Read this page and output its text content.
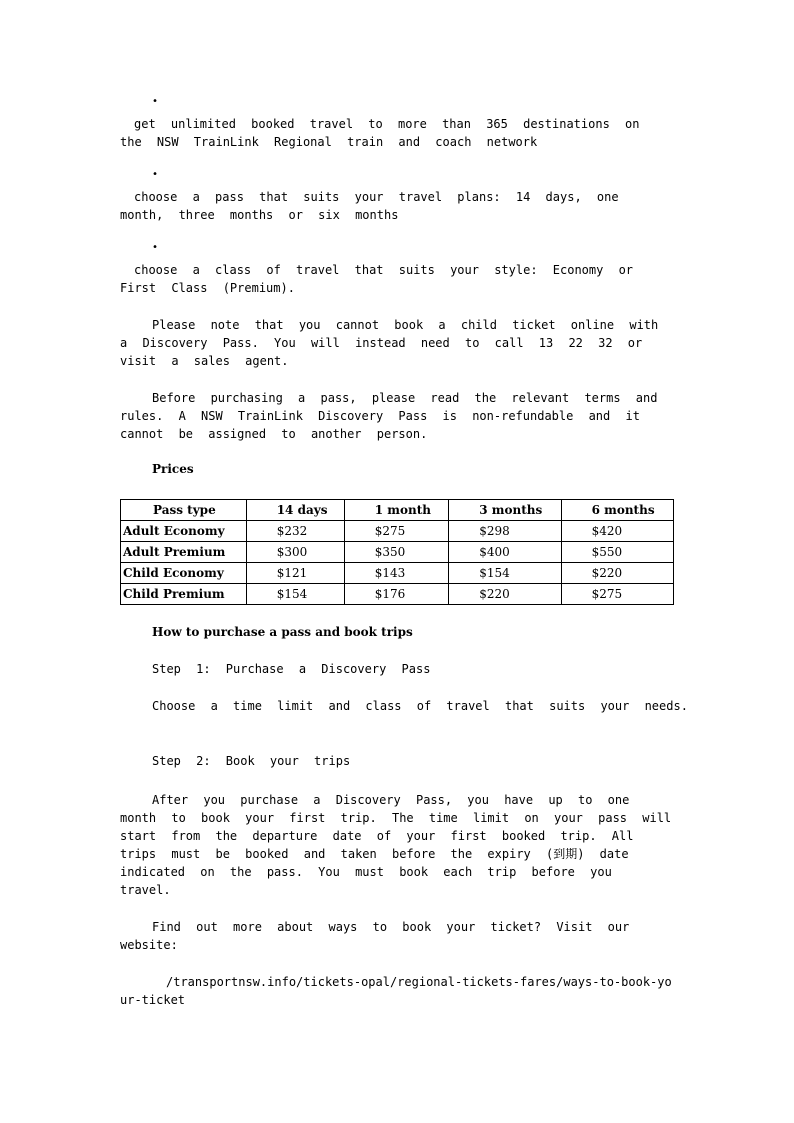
•
get unlimited booked travel to more than 365 destinations on the NSW TrainLink Regional train and coach network
•
choose a pass that suits your travel plans: 14 days, one month, three months or six months
•
choose a class of travel that suits your style: Economy or First Class (Premium).
Please note that you cannot book a child ticket online with a Discovery Pass. You will instead need to call 13 22 32 or visit a sales agent.
Before purchasing a pass, please read the relevant terms and rules. A NSW TrainLink Discovery Pass is non-refundable and it cannot be assigned to another person.
Prices
Pass type	14 days	1 month	3 months	6 months
Adult Economy	$232	$275	$298	$420
Adult Premium	$300	$350	$400	$550
Child Economy	$121	$143	$154	$220
Child Premium	$154	$176	$220	$275
How to purchase a pass and book trips
Step 1: Purchase a Discovery Pass
Choose a time limit and class of travel that suits your needs.
Step 2: Book your trips
After you purchase a Discovery Pass, you have up to one month to book your first trip. The time limit on your pass will start from the departure date of your first booked trip. All trips must be booked and taken before the expiry (到期) date indicated on the pass. You must book each trip before you travel.
Find out more about ways to book your ticket? Visit our website:
/transportnsw.info/tickets-opal/regional-tickets-fares/ways-to-book-your-ticket
